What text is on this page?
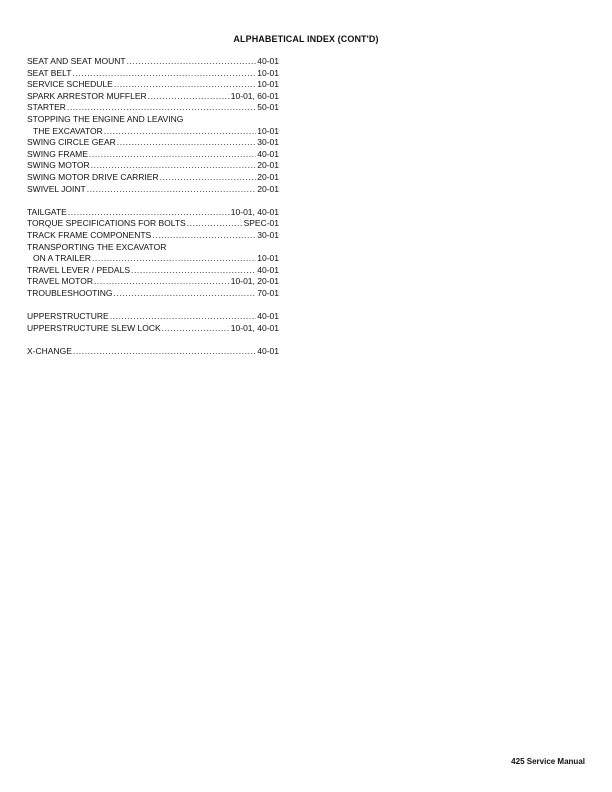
ALPHABETICAL INDEX (CONT'D)
SEAT AND SEAT MOUNT .....	40-01
SEAT BELT .....	10-01
SERVICE SCHEDULE .....	10-01
SPARK ARRESTOR MUFFLER .....	10-01, 60-01
STARTER .....	50-01
STOPPING THE ENGINE AND LEAVING
THE EXCAVATOR .....	10-01
SWING CIRCLE GEAR .....	30-01
SWING FRAME .....	40-01
SWING MOTOR .....	20-01
SWING MOTOR DRIVE CARRIER .....	20-01
SWIVEL JOINT .....	20-01
TAILGATE .....	10-01, 40-01
TORQUE SPECIFICATIONS FOR BOLTS .....	SPEC-01
TRACK FRAME COMPONENTS .....	30-01
TRANSPORTING THE EXCAVATOR
ON A TRAILER .....	10-01
TRAVEL LEVER / PEDALS .....	40-01
TRAVEL MOTOR .....	10-01, 20-01
TROUBLESHOOTING .....	70-01
UPPERSTRUCTURE .....	40-01
UPPERSTRUCTURE SLEW LOCK .....	10-01, 40-01
X-CHANGE .....	40-01
425 Service Manual
